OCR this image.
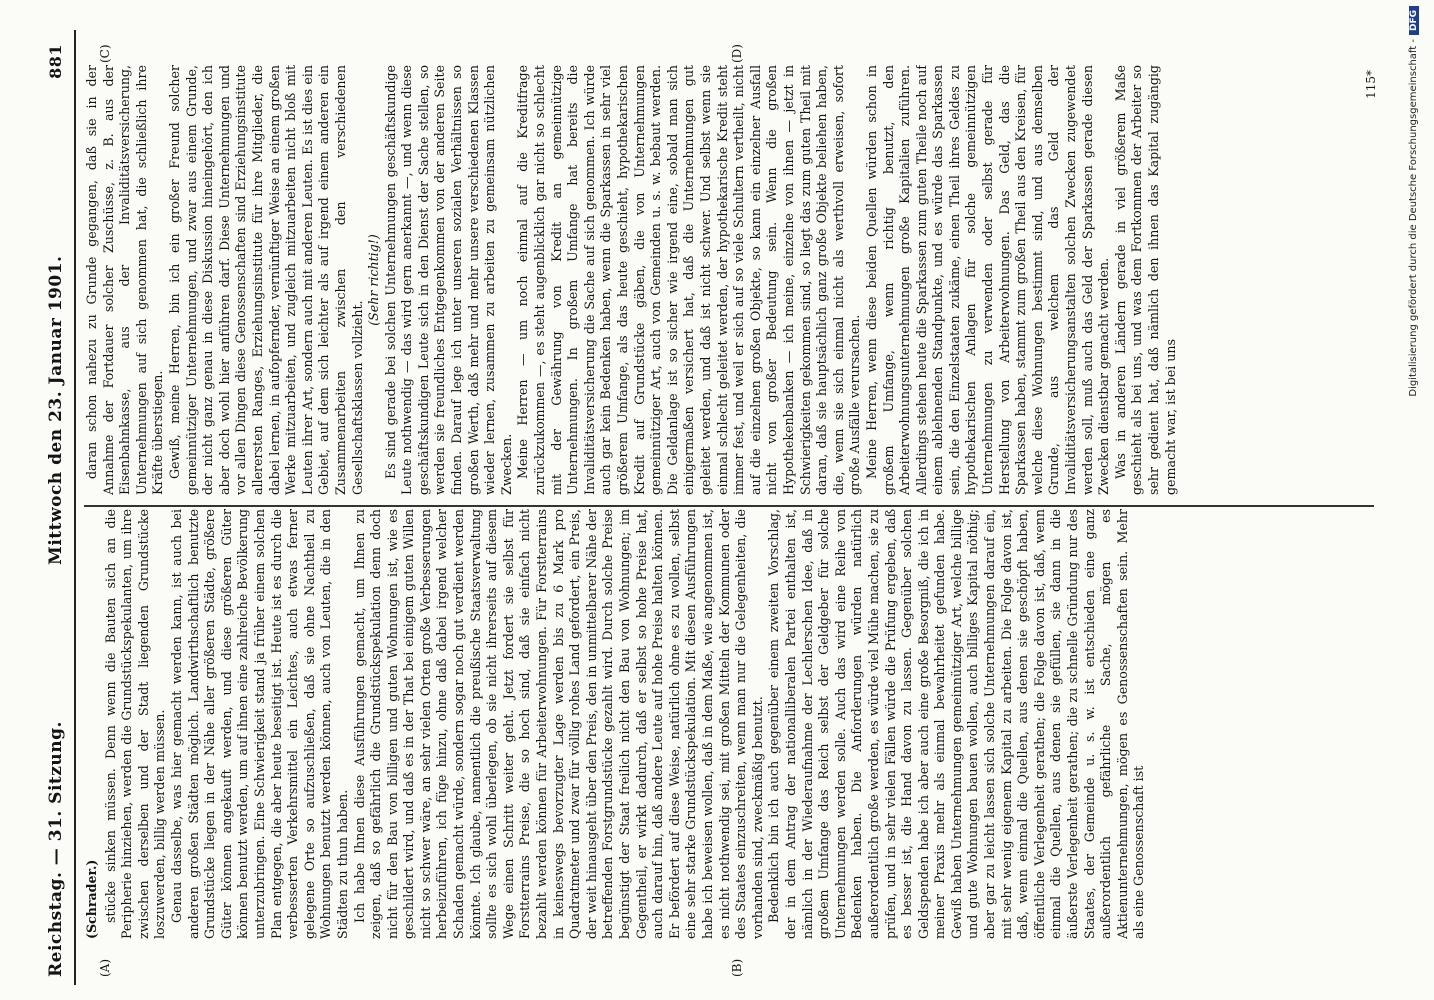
Reichstag. — 31. Sitzung.
Mittwoch den 23. Januar 1901.
881
(A)	(B)
(C)	(D)
(Schrader.) stücke sinken müssen. Denn wenn die Bauten sich an die Peripherie hinziehen, werden die Grundstückspekulanten, um ihre zwischen derselben und der Stadt liegenden Grundstücke loszuwerden, billig werden müssen. Genau dasselbe, was hier gemacht werden kann, ist auch bei anderen großen Städten möglich. Landwirthschaftlich benutzte Grundstücke liegen in der Nähe aller größeren Städte, größere Güter können angekauft werden, und diese größeren Güter können benutzt werden, um auf ihnen eine zahlreiche Bevölkerung unterzubringen. Eine Schwierigkeit stand ja früher einem solchen Plan entgegen, die aber heute beseitigt ist. Heute ist es durch die verbesserten Verkehrsmittel ein Leichtes, auch etwas ferner gelegene Orte so aufzuschließen, daß sie ohne Nachtheil zu Wohnungen benutzt werden können, auch von Leuten, die in den Städten zu thun haben. Ich habe Ihnen diese Ausführungen gemacht, um Ihnen zu zeigen, daß so gefährlich die Grundstückspekulation denn doch nicht für den Bau von billigen und guten Wohnungen ist, wie es geschildert wird, und daß es in der That bei einigem guten Willen nicht so schwer wäre, an sehr vielen Orten große Verbesserungen herbeizuführen, ich füge hinzu, ohne daß dabei irgend welcher Schaden gemacht würde, sondern sogar noch gut verdient werden könnte. Ich glaube, namentlich die preußische Staatsverwaltung sollte es sich wohl überlegen, ob sie nicht ihrerseits auf diesem Wege einen Schritt weiter geht. Jetzt fordert sie selbst für Forstterrains Preise, die so hoch sind, daß sie einfach nicht bezahlt werden können für Arbeiterwohnungen. Für Forstterrains in keineswegs bevorzugter Lage werden bis zu 6 Mark pro Quadratmeter und zwar für völlig rohes Land gefordert, ein Preis, der weit hinausgeht über den Preis, den in unmittelbarer Nähe der betreffenden Forstgrundstücke gezahlt wird. Durch solche Preise begünstigt der Staat freilich nicht den Bau von Wohnungen; im Gegentheil, er wirkt dadurch, daß er selbst so hohe Preise hat, auch darauf hin, daß andere Leute auf hohe Preise halten können. Er befördert auf diese Weise, natürlich ohne es zu wollen, selbst eine sehr starke Grundstückspekulation. Mit diesen Ausführungen habe ich beweisen wollen, daß in dem Maße, wie angenommen ist, es nicht nothwendig sei, mit großen Mitteln der Kommunen oder des Staates einzuschreiten, wenn man nur die Gelegenheiten, die vorhanden sind, zweckmäßig benutzt. Bedenklich bin ich auch gegenüber einem zweiten Vorschlag, der in dem Antrag der nationalliberalen Partei enthalten ist, nämlich in der Wiederaufnahme der Lechlerschen Idee, daß in großem Umfange das Reich selbst der Geldgeber für solche Unternehmungen werden solle. Auch das wird eine Reihe von Bedenken haben. Die Anforderungen würden natürlich außerordentlich große werden, es würde viel Mühe machen, sie zu prüfen, und in sehr vielen Fällen würde die Prüfung ergeben, daß es besser ist, die Hand davon zu lassen. Gegenüber solchen Geldspenden habe ich aber auch eine große Besorgniß, die ich in meiner Praxis mehr als einmal bewahrheitet gefunden habe. Gewiß haben Unternehmungen gemeinnütziger Art, welche billige und gute Wohnungen bauen wollen, auch billiges Kapital nöthig; aber gar zu leicht lassen sich solche Unternehmungen darauf ein, mit sehr wenig eigenem Kapital zu arbeiten. Die Folge davon ist, daß, wenn einmal die Quellen, aus denen sie geschöpft haben, öffentliche Verlegenheit gerathen; die Folge davon ist, daß, wenn einmal die Quellen, aus denen sie gefüllen, sie dann in die äußerste Verlegenheit gerathen; die zu schnelle Gründung nur des Staates, der Gemeinde u. s. w. ist entschieden eine ganz außerordentlich gefährliche Sache, mögen es Aktienunternehmungen, mögen es Genossenschaften sein. Mehr als eine Genossenschaft ist

daran schon nahezu zu Grunde gegangen, daß sie in der Annahme der Fortdauer solcher Zuschüsse, z. B. aus der Eisenbahnkasse, aus der Invaliditätsversicherung, Unternehmungen auf sich genommen hat, die schließlich ihre Kräfte überstiegen. Gewiß, meine Herren, bin ich ein großer Freund solcher gemeinnütziger Unternehmungen, und zwar aus einem Grunde, der nicht ganz genau in diese Diskussion hineingehört, den ich aber doch wohl hier anführen darf. Diese Unternehmungen und vor allen Dingen diese Genossenschaften sind Erziehungsinstitute allerersten Ranges, Erziehungsinstitute für ihre Mitglieder, die dabei lernen, in aufopfernder, vernünftiger Weise an einem großen Werke mitzuarbeiten, und zugleich mitzuarbeiten nicht bloß mit Leuten ihrer Art, sondern auch mit anderen Leuten. Es ist dies ein Gebiet, auf dem sich leichter als auf irgend einem anderen ein Zusammenarbeiten zwischen den verschiedenen Gesellschaftsklassen vollzieht.

(Sehr richtig!) Es sind gerade bei solchen Unternehmungen geschäftskundige Leute nothwendig — das wird gern anerkannt —, und wenn diese geschäftskundigen Leute sich in den Dienst der Sache stellen, so werden sie freundliches Entgegenkommen von der anderen Seite finden. Darauf lege ich unter unseren sozialen Verhältnissen so großen Werth, daß mehr und mehr unsere verschiedenen Klassen wieder lernen, zusammen zu arbeiten zu gemeinsam nützlichen Zwecken. Meine Herren — um noch einmal auf die Kreditfrage zurückzukommen —, es steht augenblicklich gar nicht so schlecht mit der Gewährung von Kredit an gemeinnützige Unternehmungen. In großem Umfange hat bereits die Invaliditätsversicherung die Sache auf sich genommen. Ich würde auch gar kein Bedenken haben, wenn die Sparkassen in sehr viel größerem Umfange, als das heute geschieht, hypothekarischen Kredit auf Grundstücke gäben, die von Unternehmungen gemeinnütziger Art, auch von Gemeinden u. s. w. bebaut werden. Die Geldanlage ist so sicher wie irgend eine, sobald man sich einigermaßen versichert hat, daß die Unternehmungen gut geleitet werden, und daß ist nicht schwer. Und selbst wenn sie einmal schlecht geleitet werden, der hypothekarische Kredit steht immer fest, und weil er sich auf so viele Schultern vertheilt, nicht auf die einzelnen großen Objekte, so kann ein einzelner Ausfall nicht von großer Bedeutung sein. Wenn die großen Hypothekenbanken — ich meine, einzelne von ihnen — jetzt in Schwierigkeiten gekommen sind, so liegt das zum guten Theil mit daran, daß sie hauptsächlich ganz große Objekte beliehen haben, die, wenn sie sich einmal nicht als werthvoll erweisen, sofort große Ausfälle verursachen. Meine Herren, wenn diese beiden Quellen würden schon in großem Umfange, wenn richtig benutzt, den Arbeiterwohnungsunternehmungen große Kapitalien zuführen. Allerdings stehen heute die Sparkassen zum guten Theile noch auf einem ablehnenden Standpunkte, und es würde das Sparkassen sein, die den Einzelstaaten zukäme, einen Theil ihres Geldes zu hypothekarischen Anlagen für solche gemeinnützigen Unternehmungen zu verwenden oder selbst gerade für Herstellung von Arbeiterwohnungen. Das Geld, das die Sparkassen haben, stammt zum großen Theil aus den Kreisen, für welche diese Wohnungen bestimmt sind, und aus demselben Grunde, aus welchem das Geld der Invaliditätsversicherungsanstalten solchen Zwecken zugewendet werden soll, muß auch das Geld der Sparkassen gerade diesen Zwecken dienstbar gemacht werden. Was in anderen Ländern gerade in viel größerem Maße geschieht als bei uns, und was dem Fortkommen der Arbeiter so sehr gedient hat, daß nämlich den ihnen das Kapital zugängig gemacht war, ist bei uns

115*	Digitalisierung gefördert durch die Deutsche Forschungsgemeinschaft -DFG
